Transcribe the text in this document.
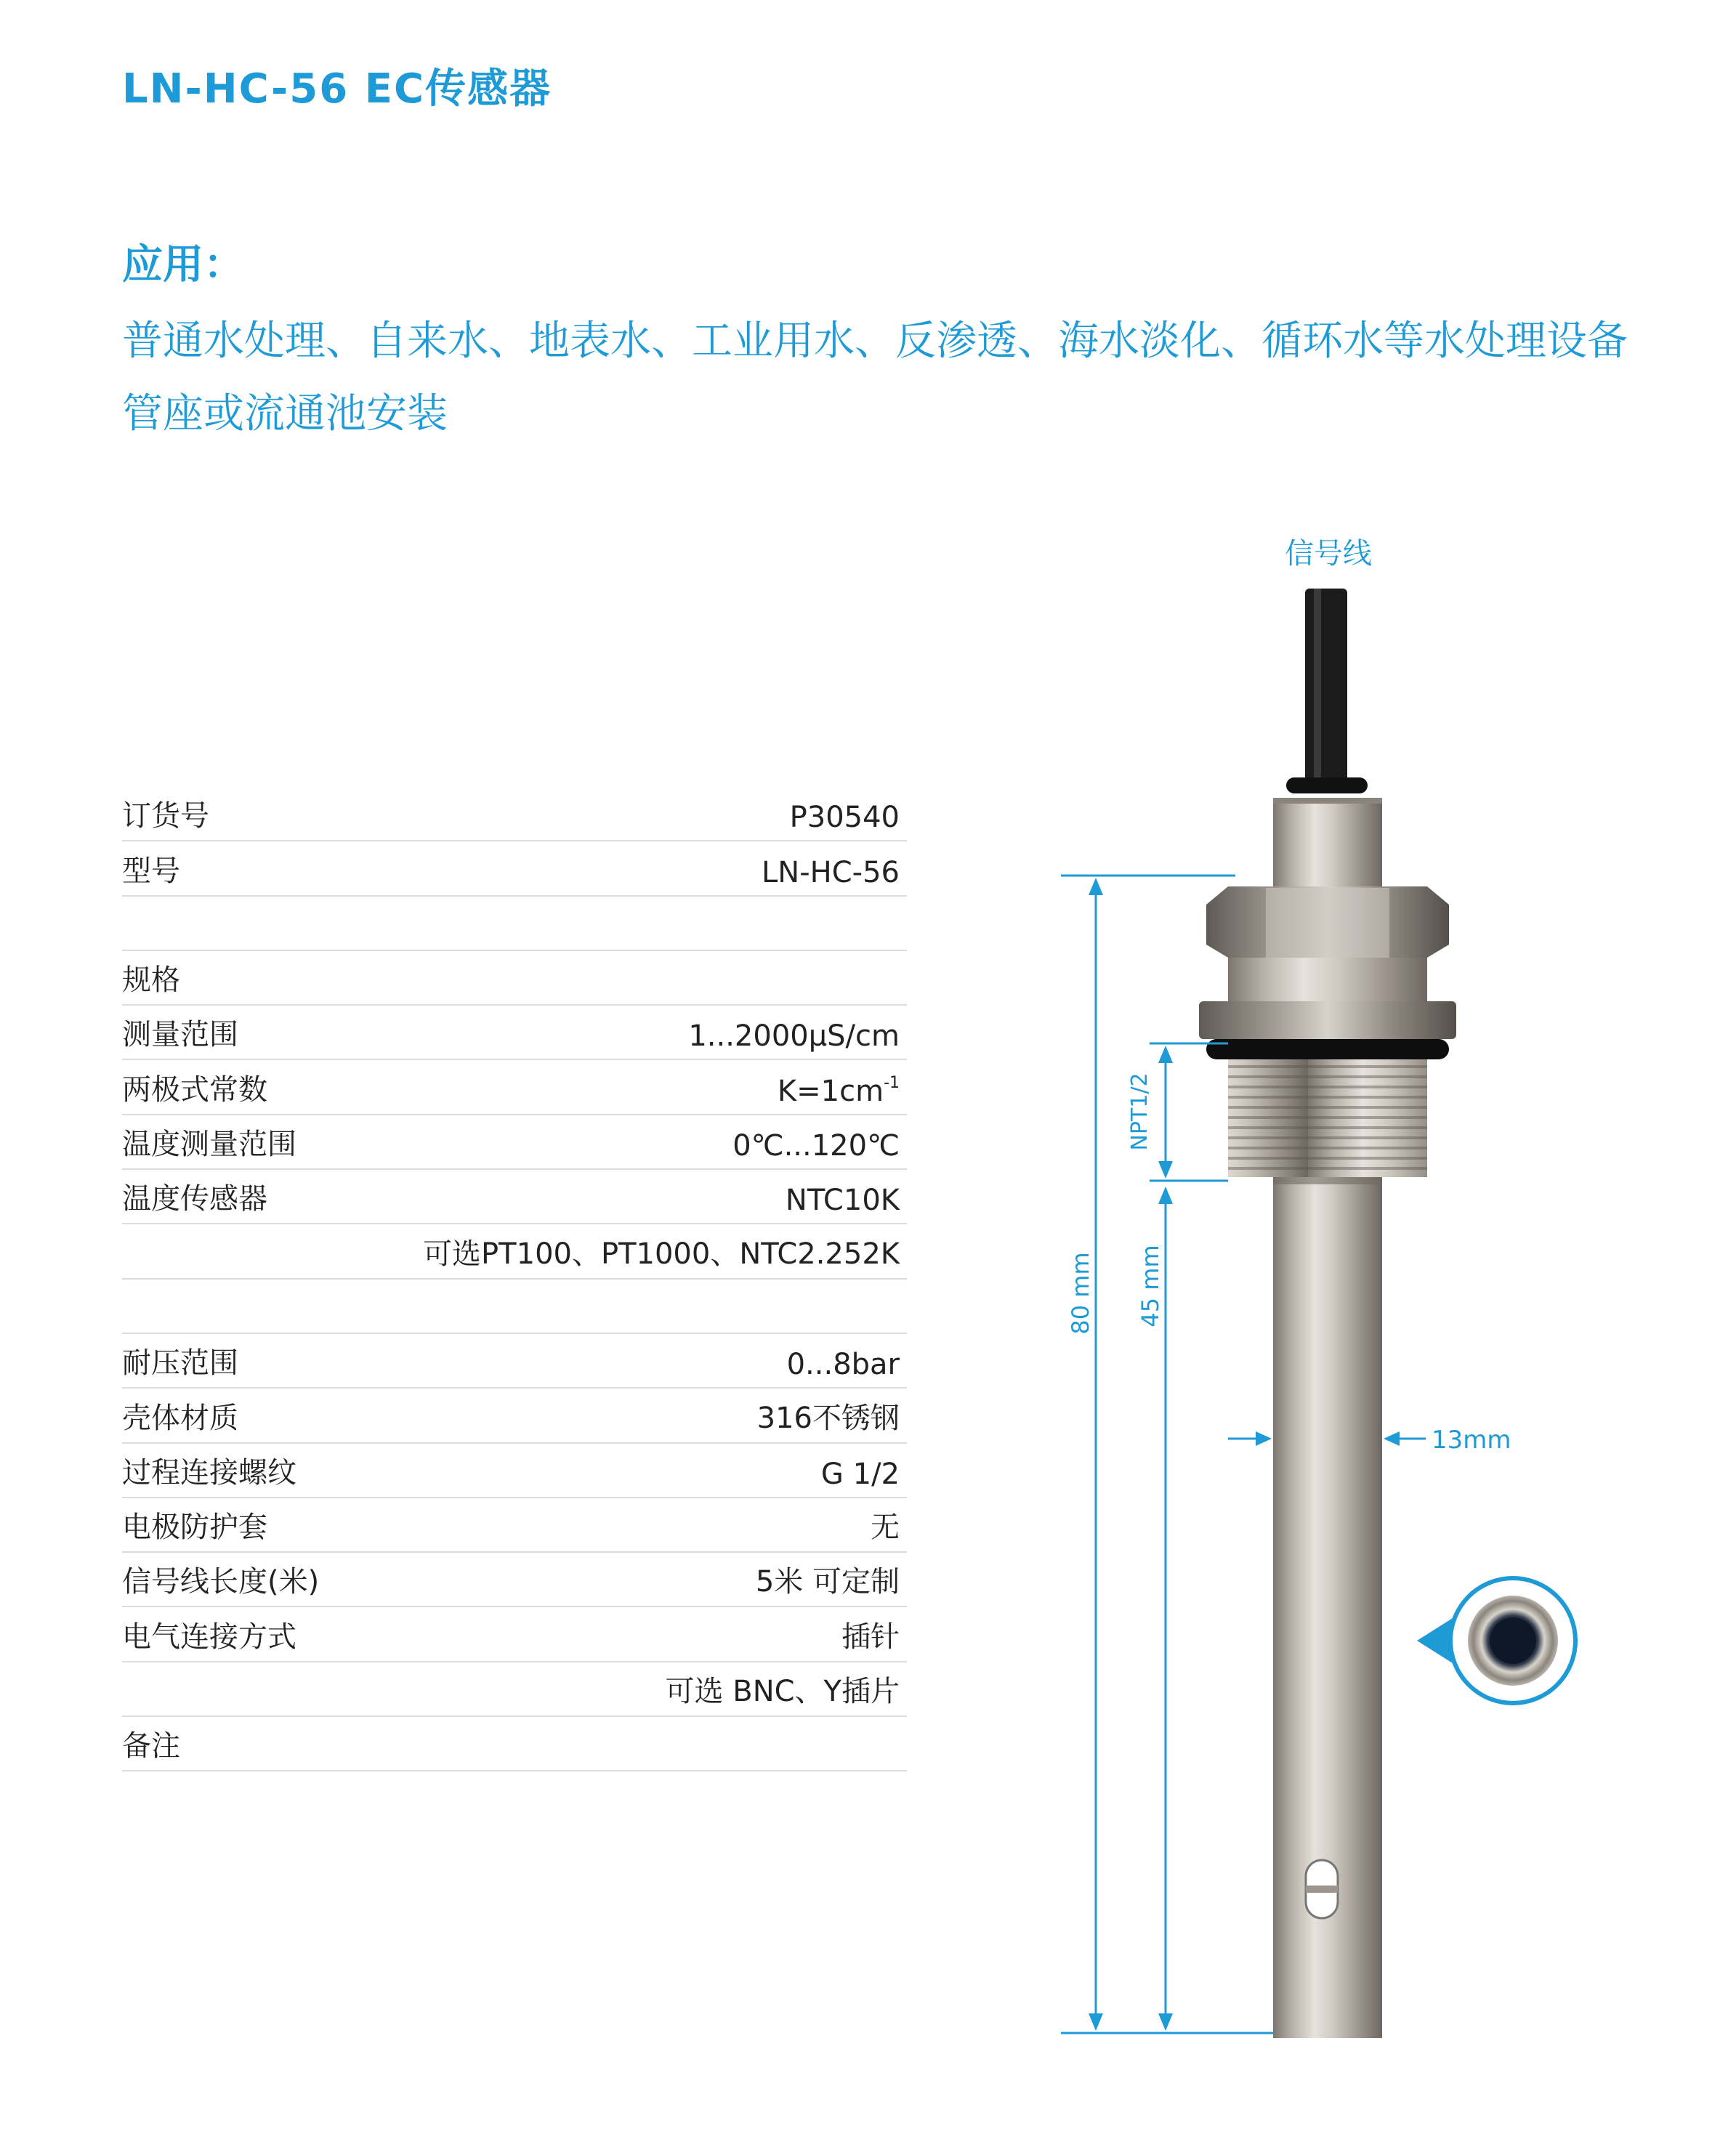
LN-HC-56 EC传感器
应用：

普通水处理、自来水、地表水、工业用水、反渗透、海水淡化、循环水等水处理设备

管座或流通池安装

订货号	P30540
型号	LN-HC-56
规格
测量范围	1...2000μS/cm
两极式常数	$K=1cm^{-1}$
温度测量范围	0℃...120℃
温度传感器	NTC10K
可选PT100、PT1000、NTC2.252K
耐压范围	0...8bar
壳体材质	316不锈钢
过程连接螺纹	G 1/2
电极防护套	无
信号线长度(米)	5米 可定制
电气连接方式	插针
可选 BNC、Y插片
备注
信号线
NPT1/2
80 mm 45 mm
13mm
